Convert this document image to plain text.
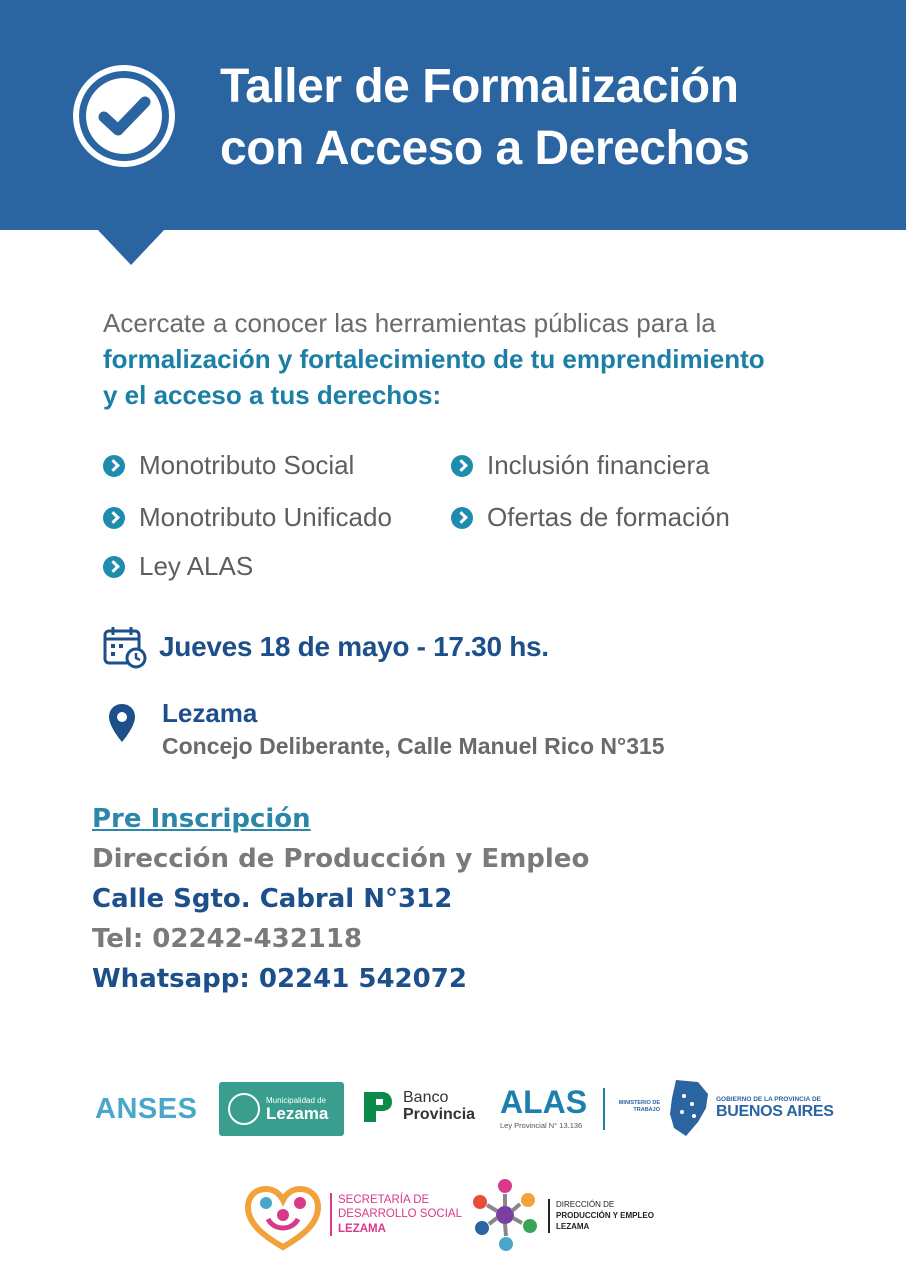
Taller de Formalización
con Acceso a Derechos
Acercate a conocer las herramientas públicas para la
formalización y fortalecimiento de tu emprendimiento
y el acceso a tus derechos:
Monotributo Social
Monotributo Unificado
Ley ALAS
Inclusión financiera
Ofertas de formación
Jueves 18 de mayo - 17.30 hs.
Lezama
Concejo Deliberante, Calle Manuel Rico N°315
Pre Inscripción
Dirección de Producción y Empleo
Calle Sgto. Cabral N°312
Tel: 02242-432118
Whatsapp: 02241 542072
ANSES	Municipalidad de
Lezama
Banco
Provincia ALAS
Ley Provincial N° 13.136
MINISTERIO DE
TRABAJO
GOBIERNO DE LA PROVINCIA DE
BUENOS AIRES
SECRETARÍA DE
DESARROLLO SOCIAL
LEZAMA
DIRECCIÓN DE
PRODUCCIÓN Y EMPLEO
LEZAMA
